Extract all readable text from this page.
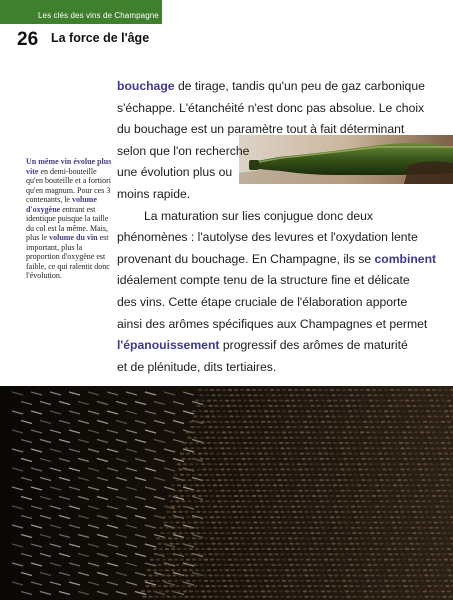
Les clés des vins de Champagne
26 La force de l'âge
Un même vin évolue plus vite en demi-bouteille qu'en bouteille et a fortiori qu'en magnum. Pour ces 3 contenants, le volume d'oxygène entrant est identique puisque la taille du col est la même. Mais, plus le volume du vin est important, plus la proportion d'oxygène est faible, ce qui ralentit donc l'évolution.
bouchage de tirage, tandis qu'un peu de gaz carbonique
s'échappe. L'étanchéité n'est donc pas absolue. Le choix
du bouchage est un paramètre tout à fait déterminant
selon que l'on recherche
une évolution plus ou
moins rapide.
La maturation sur lies conjugue donc deux
phénomènes : l'autolyse des levures et l'oxydation lente
provenant du bouchage. En Champagne, ils se combinent
idéalement compte tenu de la structure fine et délicate
des vins. Cette étape cruciale de l'élaboration apporte
ainsi des arômes spécifiques aux Champagnes et permet
l'épanouissement progressif des arômes de maturité
et de plénitude, dits tertiaires.
